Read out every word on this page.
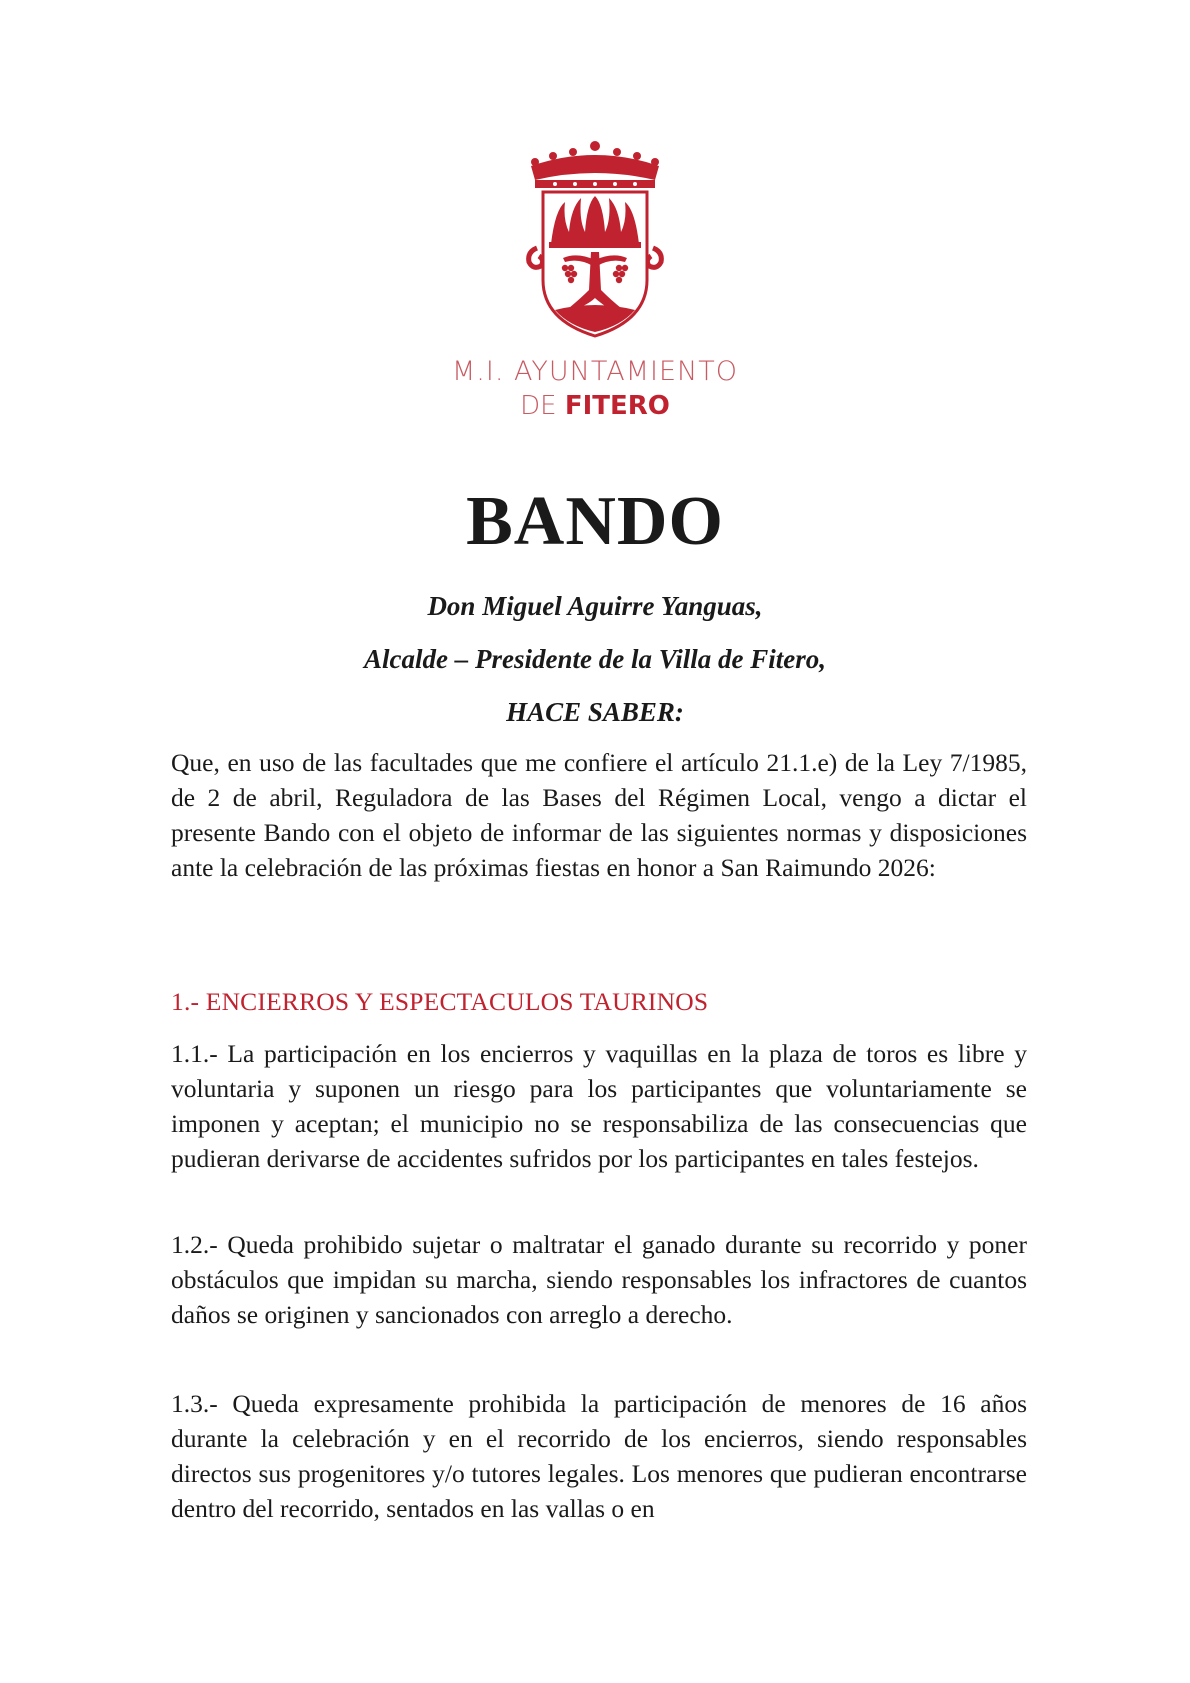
M.I. AYUNTAMIENTO
DE FITERO
BANDO

Don Miguel Aguirre Yanguas,

Alcalde – Presidente de la Villa de Fitero,

HACE SABER:

Que, en uso de las facultades que me confiere el artículo 21.1.e) de la Ley 7/1985, de 2 de abril, Reguladora de las Bases del Régimen Local, vengo a dictar el presente Bando con el objeto de informar de las siguientes normas y disposiciones ante la celebración de las próximas fiestas en honor a San Raimundo 2026:

1.- ENCIERROS Y ESPECTACULOS TAURINOS

1.1.- La participación en los encierros y vaquillas en la plaza de toros es libre y voluntaria y suponen un riesgo para los participantes que voluntariamente se imponen y aceptan; el municipio no se responsabiliza de las consecuencias que pudieran derivarse de accidentes sufridos por los participantes en tales festejos.

1.2.- Queda prohibido sujetar o maltratar el ganado durante su recorrido y poner obstáculos que impidan su marcha, siendo responsables los infractores de cuantos daños se originen y sancionados con arreglo a derecho.

1.3.- Queda expresamente prohibida la participación de menores de 16 años durante la celebración y en el recorrido de los encierros, siendo responsables directos sus progenitores y/o tutores legales. Los menores que pudieran encontrarse dentro del recorrido, sentados en las vallas o en
